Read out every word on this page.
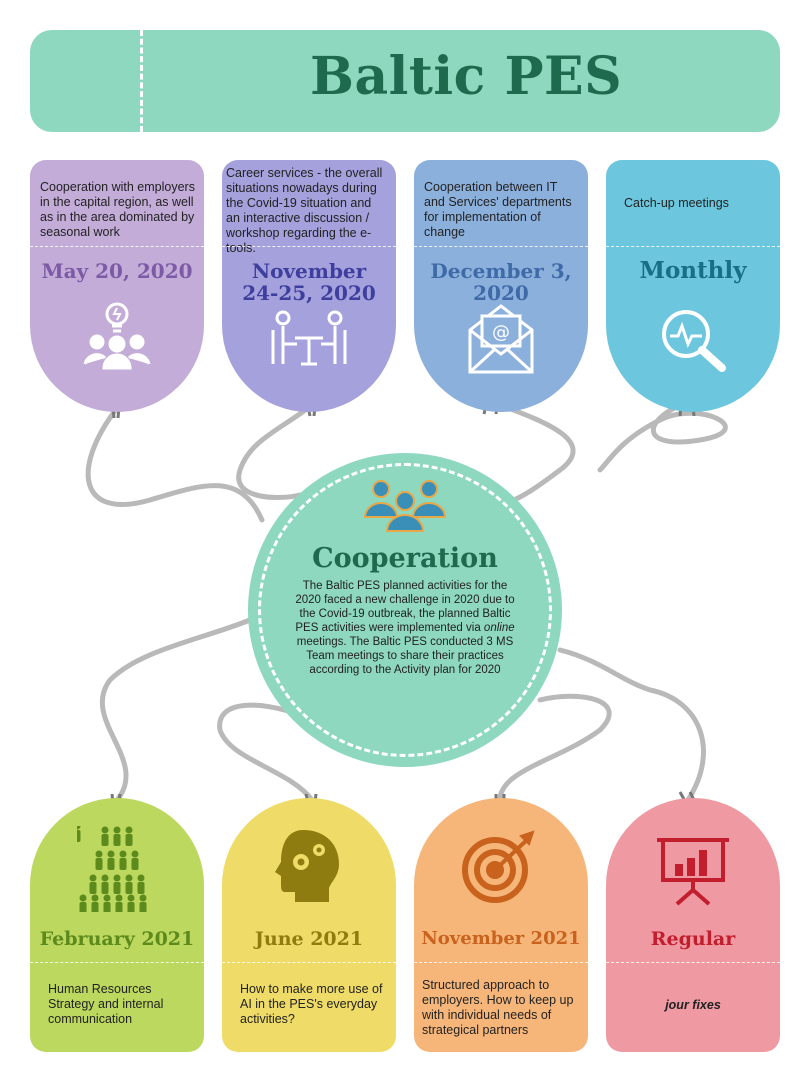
Baltic PES
Cooperation with employers in the capital region, as well as in the area dominated by seasonal work
May 20, 2020
Career services - the overall situations nowadays during the Covid-19 situation and an interactive discussion / workshop regarding the e-tools.
November 24-25, 2020
Cooperation between IT and Services' departments for implementation of change
December 3, 2020
@
Catch-up meetings
Monthly
Cooperation
The Baltic PES planned activities for the 2020 faced a new challenge in 2020 due to the Covid-19 outbreak, the planned Baltic PES activities were implemented via online meetings. The Baltic PES conducted 3 MS Team meetings to share their practices according to the Activity plan for 2020
February 2021
Human Resources Strategy and internal communication
June 2021
How to make more use of AI in the PES's everyday activities?
November 2021
Structured approach to employers. How to keep up with individual needs of strategical partners
Regular
jour fixes
